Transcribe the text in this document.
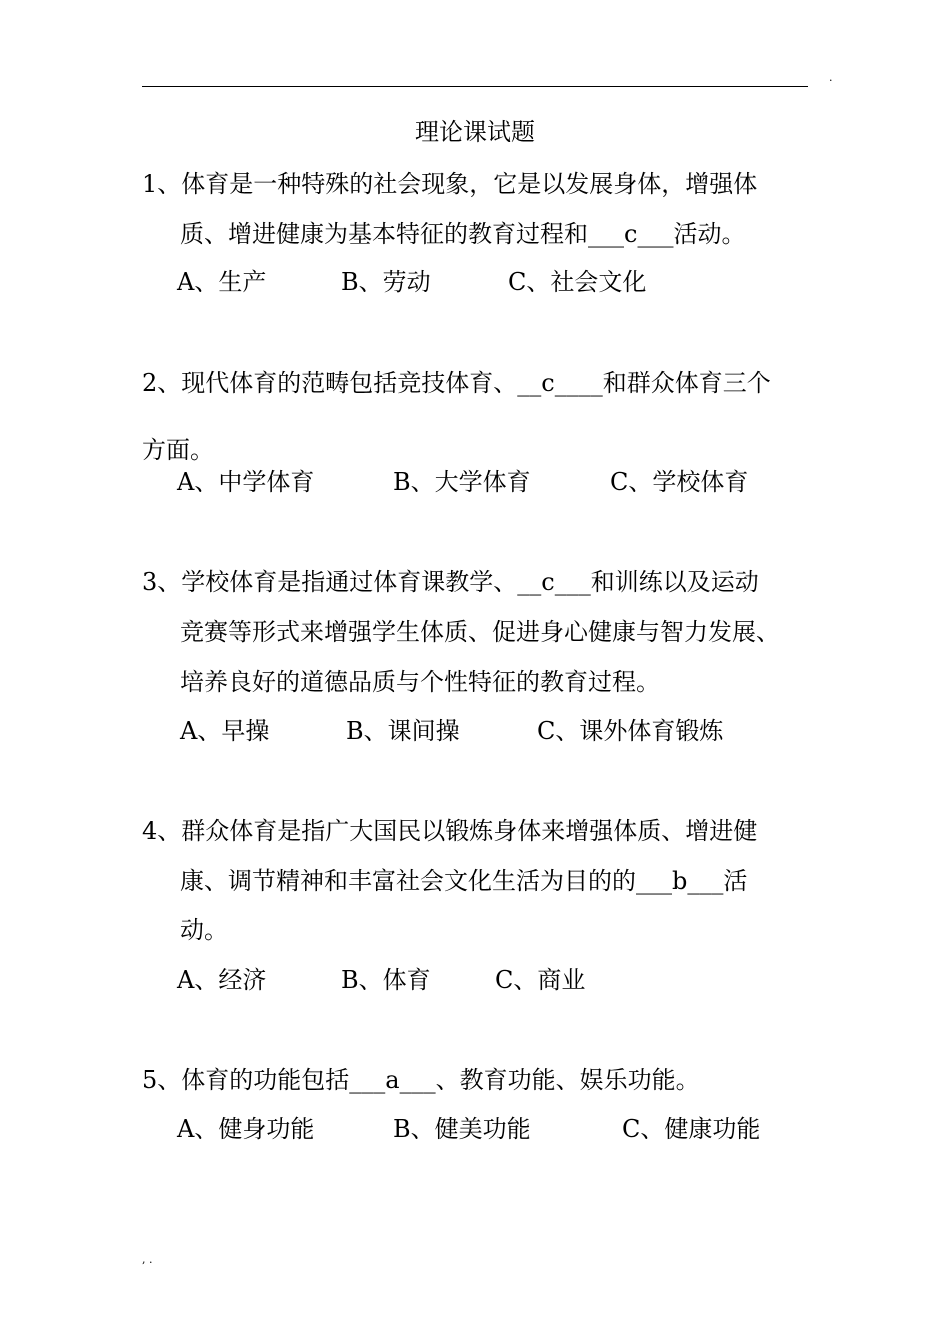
.
理论课试题
1、体育是一种特殊的社会现象，它是以发展身体，增强体
质、增进健康为基本特征的教育过程和___c___活动。
A、生产	B、劳动	C、社会文化
2、现代体育的范畴包括竞技体育、__c____和群众体育三个
方面。
A、中学体育	B、大学体育	C、学校体育
3、学校体育是指通过体育课教学、__c___和训练以及运动
竞赛等形式来增强学生体质、促进身心健康与智力发展、
培养良好的道德品质与个性特征的教育过程。
A、早操	B、课间操	C、课外体育锻炼
4、群众体育是指广大国民以锻炼身体来增强体质、增进健
康、调节精神和丰富社会文化生活为目的的___b___活
动。
A、经济	B、体育	C、商业
5、体育的功能包括___a___、教育功能、娱乐功能。
A、健身功能	B、健美功能	C、健康功能
, .
